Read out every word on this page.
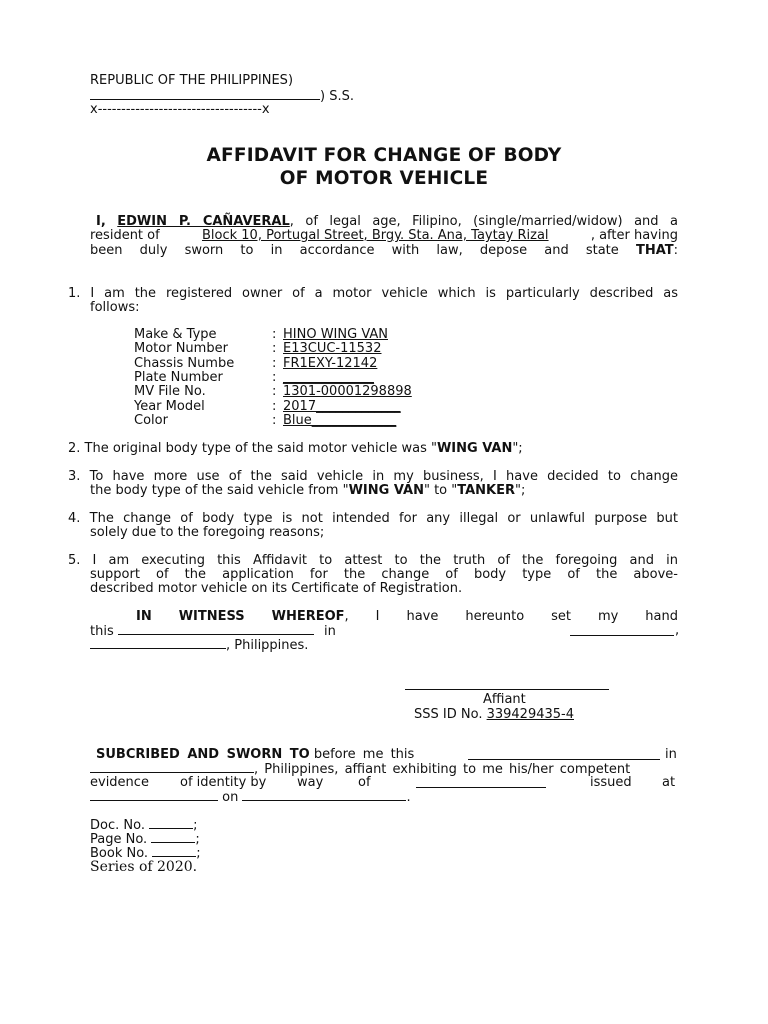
REPUBLIC OF THE PHILIPPINES)
) S.S.
x-----------------------------------x
AFFIDAVIT FOR CHANGE OF BODY
OF MOTOR VEHICLE
I, EDWIN P. CAÑAVERAL, of legal age, Filipino, (single/married/widow) and a
resident of	Block 10, Portugal Street, Brgy. Sta. Ana, Taytay Rizal	, after having
been duly sworn to in accordance with law, depose and state THAT:
1. I am the registered owner of a motor vehicle which is particularly described as
follows:
Make & Type	: HINO WING VAN
Motor Number	: E13CUC-11532
Chassis Numbe	: FR1EXY-12142
Plate Number	: ______________
MV File No.	: 1301-00001298898
Year Model	: 2017_____________
Color	: Blue_____________
2. The original body type of the said motor vehicle was "WING VAN";
3. To have more use of the said vehicle in my business, I have decided to change
the body type of the said vehicle from "WING VAN" to "TANKER";
4. The change of body type is not intended for any illegal or unlawful purpose but
solely due to the foregoing reasons;
5. I am executing this Affidavit to attest to the truth of the foregoing and in
support of the application for the change of body type of the above-
described motor vehicle on its Certificate of Registration.
IN WITNESS WHEREOF, I have hereunto set my hand
this	in	,
, Philippines.
Affiant
SSS ID No. 339429435-4
SUBCRIBED AND SWORN TO before me this	in
, Philippines, affiant exhibiting to me his/her competent
evidence of identity by way	of	issued at
on	.
Doc. No.	;
Page No.	;
Book No.	;
Series of 2020.
